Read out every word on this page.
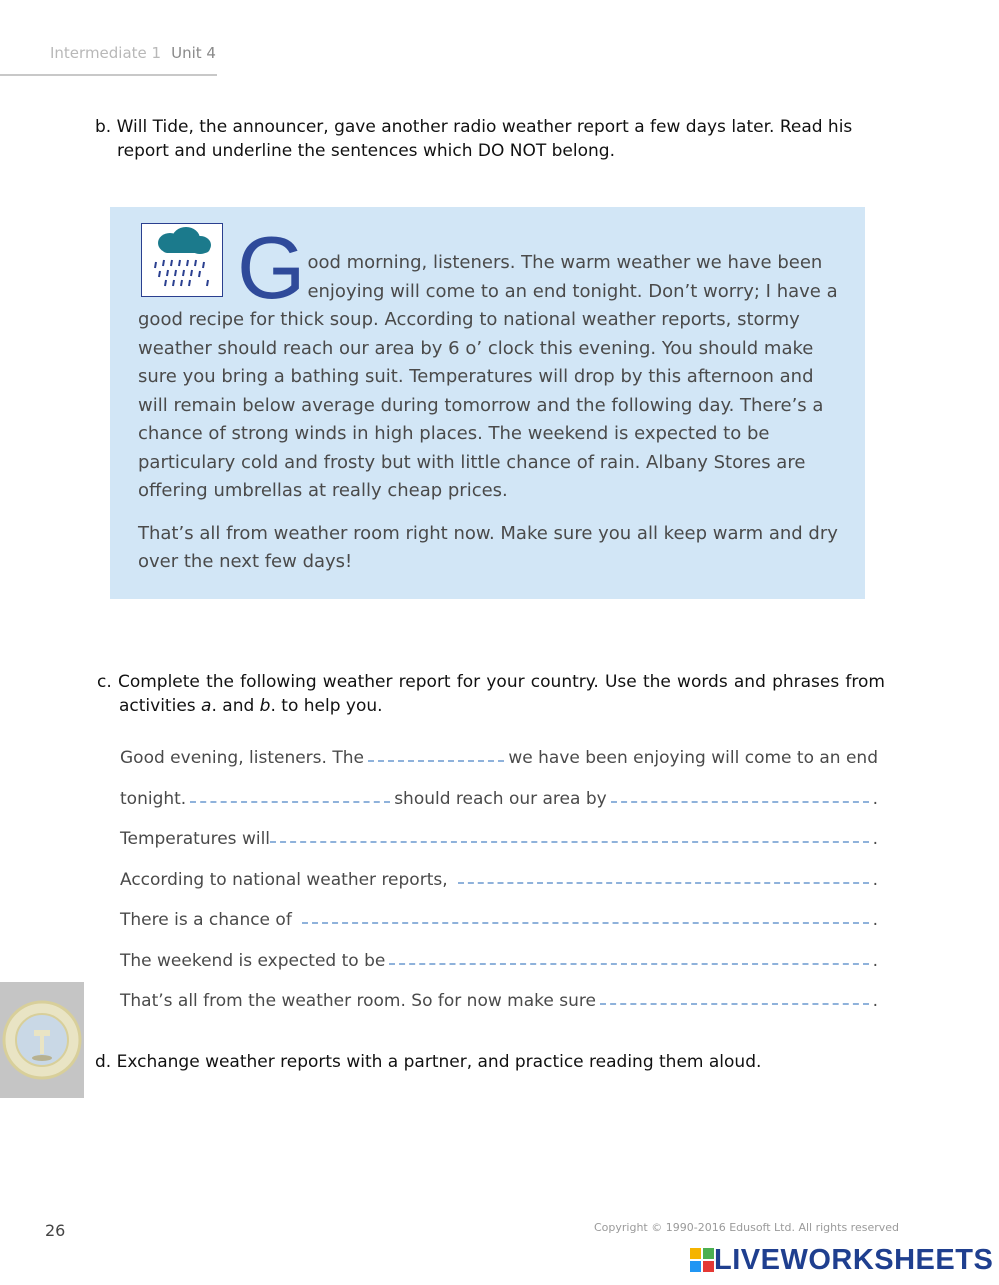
Intermediate 1 Unit 4
b. Will Tide, the announcer, gave another radio weather report a few days later. Read his report and underline the sentences which DO NOT belong.

G ood morning, listeners. The warm weather we have been enjoying will come to an end tonight. Don’t worry; I have a good recipe for thick soup. According to national weather reports, stormy weather should reach our area by 6 o’ clock this evening. You should make sure you bring a bathing suit. Temperatures will drop by this afternoon and will remain below average during tomorrow and the following day. There’s a chance of strong winds in high places. The weekend is expected to be particulary cold and frosty but with little chance of rain. Albany Stores are offering umbrellas at really cheap prices.

That’s all from weather room right now. Make sure you all keep warm and dry over the next few days!

c. Complete the following weather report for your country. Use the words and phrases from activities a. and b. to help you.
Good evening, listeners. The	we have been enjoying will come to an end
tonight.	should reach our area by	.
Temperatures will	.
According to national weather reports,	.
There is a chance of	.
The weekend is expected to be	.
That’s all from the weather room. So for now make sure	.
d. Exchange weather reports with a partner, and practice reading them aloud.
26	Copyright © 1990-2016 Edusoft Ltd. All rights reserved
LIVEWORKSHEETS
